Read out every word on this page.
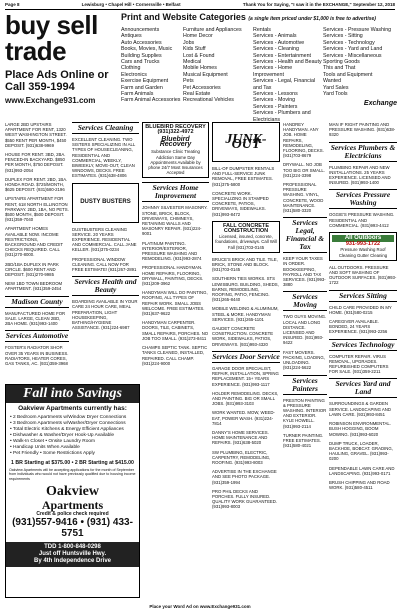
Page 8	Lewisburg • Chapel Hill • Cornersville • Belfast	Thank You for Saying, "I saw it in the EXCHANGE," September 12, 2018
buy sell trade
Place Ads Online or Call 359-1994
www.Exchange931.com
Print and Website Categories (a single item priced under $1,000 is free to advertise)
Announcements
Antiques
Auto Accessories
Books, Movies, Music
Building Supplies
Cars and Trucks
Clothing
Electronics
Exercise Equipment
Farm and Garden
Farm Animals
Farm Animal Accessories
Furniture and Appliances
Home Decor
Jobs
Kids Stuff
Lost & Found
Medical
Mobile Homes
Musical Equipment
Pets
Pet Accessories
Real Estate
Recreational Vehicles
Rentals
Services - Animals
Services - Automotive
Services - Cleaning
Services - Entertainment
Services - Health and Beauty
Services - Home Improvement
Services - Legal, Financial and Tax
Services - Lessons
Services - Moving
Services - Painters
Services - Plumbers and Electricians
Services - Pressure Washing
Services - Sitting
Services - Technology
Services - Yard and Land
Services - Miscellaneous
Sporting Goods
This and That
Tools and Equipment
Wanted
Yard Sales
Yard Tools
Exchange
LARGE 2BD UPSTAIRS APARTMENT FOR RENT, 1320 WEST WASHINGTON STREET. $550 RENT PER MONTH, $450 DEPOSIT. (931)638-9969
HOUSE FOR RENT. 3BD, 2BA. FENCED-IN BACKYARD. $850 PER MONTH, $750 DEPOSIT. (931)993-2054
DUPLEX FOR RENT. 2BD, 1BA. HONDA ROAD. $725/MONTH, $625 DEPOSIT. (931)580-2196
UPSTAIRS APARTMENT FOR RENT, 618 NORTH ELLINGTON PARKWAY. 2BD, 1BA, NO PETS. $500 MONTH, $500 DEPOSIT. (931)359-7040
APARTMENT HOMES AVAILABLE NOW. INCOME RESTRICTIONS, BACKGROUND AND CREDIT CHECKS REQUIRED. CALL (931)270-8000.
2BD/1BA DUPLEX IN PARK CIRCLE. $600 RENT AND DEPOSIT. (931)270-9985
NEW 1BD TOWN BEDROOM APARTMENT. (931)359-2454
Madison County
MANUFACTURED HOME FOR SALE. LARGE, CLEAN 2BD, 2BA HOME. (931)993-1400
Services Automotive
FOSTER'S RADIATOR SHOP. OVER 35 YEARS IN BUSINESS. RADIATORS, HEATER CORES, GAS TANKS, AC. (931)359-3968
Services Cleaning
EXCELLENT CLEANING. TWO SISTERS SPECIALIZING IN ALL TYPES OF HOUSECLEANING, RESIDENTIAL AND COMMERCIAL, WEEKLY, BIWEEKLY, MOVE-OUT, CLEAN WINDOWS, DECKS. FREE ESTIMATES. (931)638-4806
DUSTY BUSTERS
DUSTBUSTERS CLEANING SERVICE. 20 YEARS EXPERIENCE. RESIDENTIAL AND COMMERCIAL. CALL JANE KELLER. (931)375-0234
PROFESSIONAL WINDOW CLEANING. CALL NOW FOR FREE ESTIMATE! (931)267-2891
Services Health and Beauty
BOARDING AVAILABLE IN YOUR CARE 24 HOUR CARE, MEAL PREPARATION, LIGHT HOUSEKEEPING, BATHING/HYGIENE ASSISTANCE. (931)224-6987
BLUEBIRD RECOVERY (931)322-4972
Bluebird Recovery
Substance Clinic Treating Addiction Same Day Appointments Available by phone 24/7 Most Insurances Accepted
Services Home Improvement
JOHNNY SILVESTER MASONRY. STONE, BRICK, BLOCK, DRIVEWAYS, CHIMNEYS, RETAINING WALLS AND MASONRY REPAIR. (931)224-9001
PLATINUM PAINTING. INTERIOR/EXTERIOR, PRESSURE WASHING AND REMODELING. (931)993-2874
PROFESSIONAL HANDYMAN. HOME REPAIRS, FLOORING, DRYWALL, PAINTING, DECKS. (931)209-3962
HANDYMAN WILL DO PAINTING, ROOFING, ALL TYPES OF REPAIR WORK. SMALL JOBS WELCOME. FREE ESTIMATES. (931)637-9622
HANDYMAN CARPENTER. DOORS, TILE, CABINETS, SMALL REPAIRS, PORCHES. NO JOB TOO SMALL. (931)273-8411
CHAMPS SEPTIC TANK. SEPTIC TANKS CLEANED, INSTALLED, REPAIRED. CALL CHAMP. (931)224-9000
JUNK-OUT
BILL-OF DUMPSTER RENTALS AND FULL-SERVICE JUNK REMOVAL, FREE ESTIMATES. (931)375-5800
CONCRETE WORK. SPECIALIZING IN STAMPED CONCRETE, PATIOS, DRIVEWAYS, SIDEWALKS. (931)993-8472
FALL CONCRETE CONSTRUCTION
Licensed, insured, concrete, foundations, driveways. Call Will Fall (931)703-0145
BRUCE'S BRICK AND TILE. TILE, BRICK, STONE AND BLOCK. (931)703-0145
SOUTHERN TIES WORKS. STS LEWISBURG. BUILDING, SHEDS, BARNS, REMODELING, ROOFING, PATIO, FENCING. (931)265-8440
MOBILE WELDING & ALUMINUM, STEEL & MORE. HANDYMAN SERVICES. (931)265-1101
GAUDET CONCRETE CONSTRUCTION. CONCRETE WORK, SIDEWALKS, PATIOS, DRIVEWAYS. (931)993-4320
Services Door Service
GARAGE DOOR SPECIALIST, REPAIR, INSTALLATION, SPRING REPLACEMENT. 15+ YEARS EXPERIENCE. (931)993-1117
HOLDER REMODELING. DECKS, AND PAINTING. BIG OR SMALL JOBS. (931)993-3103
WORK WANTED. MOW, WEED-EAT, POWER WASH. (931)224-7814
DANNY'S HOME SERVICES. HOME MAINTENANCE AND REPAIRS. (931)638-5020
SW PLUMBING, ELECTRIC, CARPENTRY, REMODELING, ROOFING. (931)993-8003
ADVERTISE IN THE EXCHANGE AND SEE PHOTO PACKAGE. (931)359-1994
PRO PHIL DECKS AND PORCHES. FULLY INSURED. QUALITY WORK GUARANTEED. (931)993-8003
HANDREY HANDYMAN. ANY JOB. HOME REPAIRS, REMODELING, FLOORING, DECKS. (931)703-8679
DRYWALL. NO JOB TOO BIG OR SMALL. (931)224-3398
PROFESSIONAL PRESSURE WASHING. VINYL, CONCRETE, WOOD MAINTENANCE. (931)580-3320
Services Legal, Financial & Tax
KEEP YOUR TAXES IN ORDER. BOOKKEEPING, PAYROLL AND TAX SERVICES. (931)993-3880
Services Moving
TWO GUYS MOVING. LOCAL AND LONG DISTANCE. LICENSED AND INSURED. (931)993-9422
FAST MOVERS. PACKING, LOADING, UNLOADING. (931)224-5622
Services Painters
PRESTON PAINTING & PRESSURE WASHING. INTERIOR AND EXTERIOR. KYLE HOWELL. (931)993-2114
TURNER PAINTING. FREE ESTIMATES. (931)580-4021
MAN IF RIGHT PAINTING AND PRESSURE WASHING. (931)638-9320
Services Plumbers & Electricians
PLUMBING REPAIR AND NEW INSTALLATIONS. 25 YEARS EXPERIENCE. LICENSED AND INSURED. (931)993-1400
Services Pressure Washing
OGGIE'S PRESSURE WASHING. RESIDENTIAL AND COMMERCIAL. (931)993-4412
All Outdoors
931-993-1722
Pressure Washing Roof Cleaning Gutter Cleaning
ALL OUTDOORS. PRESSURE AND SOFT WASHING OF OUTDOOR SURFACES. (931)993-1722
Services Sitting
CHILD CARE PROVIDED IN MY HOME. (931)580-0215
CAREGIVER AVAILABLE. BONDED, 24 YEARS EXPERIENCE. (931)993-2256
Services Technology
COMPUTER REPAIR. VIRUS REMOVAL, UPGRADES. REFURBISHED COMPUTERS FOR SALE. (931)359-2211
Services Yard and Land
SURROUNDINGS & GARDEN SERVICE. LANDSCAPING AND LAWN CARE. (931)993-8451
ROBINSON ENVIRONMENTAL. BUSH HOGGING, BOOM MOWING. (931)993-6020
DUMP TRUCK, LOADER, BACKHOE, BOBCAT. GRADING, HAULING, GRAVEL. (931)993-0200
DEPENDABLE LAWN CARE AND LANDSCAPING. (931)993-0171
BRUSH CHIPPING AND ROAD WORK. (931)580-4511
Fall into Savings
Oakview Apartments currently has:
• 2 Bedroom Apartments w/Window Dryer Connections
• 3 Bedroom Apartments w/Washer/Dryer Connections
• Total Electric Kitchens & Energy Efficient Appliances
• Dishwasher & Washer/Dryer Hook-Up Available
• Walk-In Closet • Onsite Laundry Room
• Handicap Units When Available
• Pet Friendly • Some Restrictions Apply
1 BR Starting at $375.00 • 2 BR Starting at $415.00
Oakview Apartments will be accepting applications for the month of September from individuals who would not have previously qualified due to housing income requirements
Oakview
Apartments
Credit & police check required
(931)557-9416 • (931) 433-5751
TDD 1-800-848-0298
Just off Huntsville Hwy.
By 4th Independence Drive
Place your Word Ad on www.Exchange931.com
